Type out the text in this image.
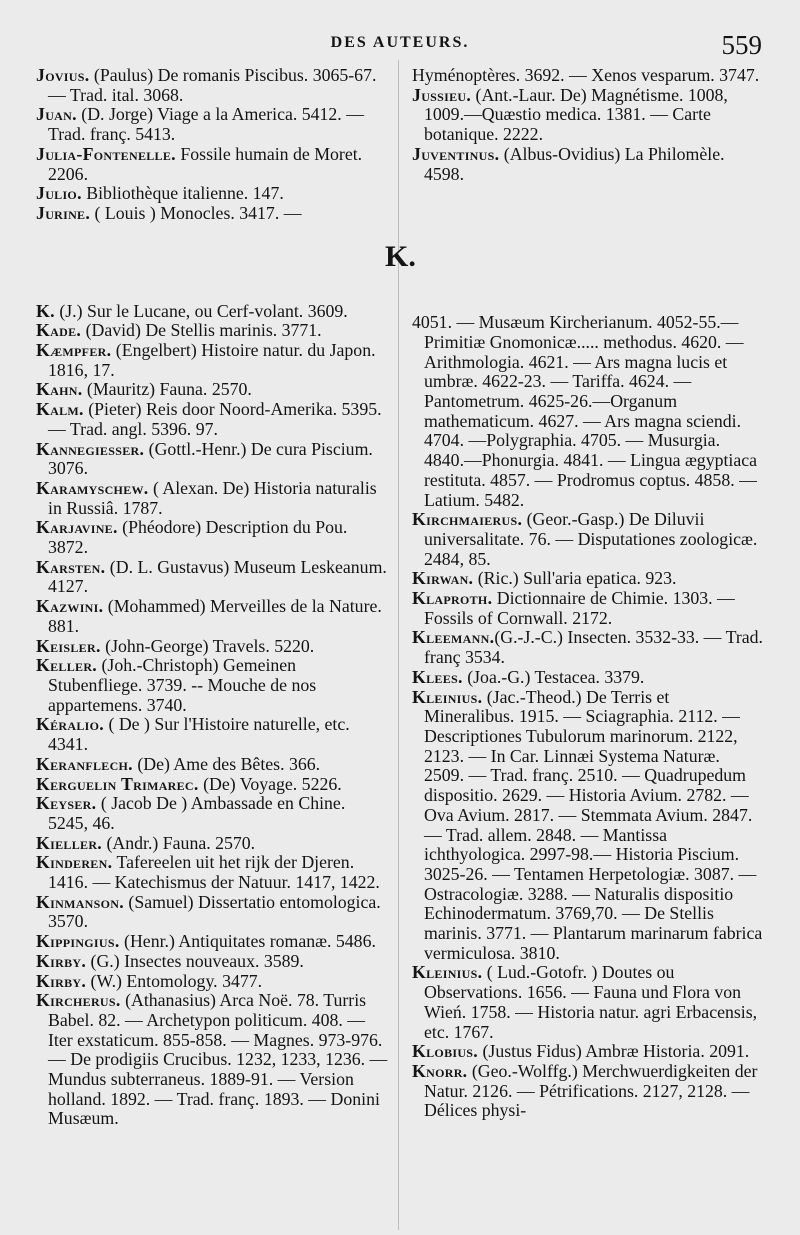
DES AUTEURS.	559
K.

Jovius. (Paulus) De romanis Piscibus. 3065-67. — Trad. ital. 3068.

Juan. (D. Jorge) Viage a la America. 5412. — Trad. franç. 5413.

Julia-Fontenelle. Fossile humain de Moret. 2206.

Julio. Bibliothèque italienne. 147.

Jurine. ( Louis ) Monocles. 3417. —

K. (J.) Sur le Lucane, ou Cerf-volant. 3609.

Kade. (David) De Stellis marinis. 3771.

Kæmpfer. (Engelbert) Histoire natur. du Japon. 1816, 17.

Kahn. (Mauritz) Fauna. 2570.

Kalm. (Pieter) Reis door Noord-Amerika. 5395. — Trad. angl. 5396. 97.

Kannegiesser. (Gottl.-Henr.) De cura Piscium. 3076.

Karamyschew. ( Alexan. De) Historia naturalis in Russiâ. 1787.

Karjavine. (Phéodore) Description du Pou. 3872.

Karsten. (D. L. Gustavus) Museum Leskeanum. 4127.

Kazwini. (Mohammed) Merveilles de la Nature. 881.

Keisler. (John-George) Travels. 5220.

Keller. (Joh.-Christoph) Gemeinen Stubenfliege. 3739. -- Mouche de nos appartemens. 3740.

Kéralio. ( De ) Sur l'Histoire naturelle, etc. 4341.

Keranflech. (De) Ame des Bêtes. 366.

Kerguelin Trimarec. (De) Voyage. 5226.

Keyser. ( Jacob De ) Ambassade en Chine. 5245, 46.

Kieller. (Andr.) Fauna. 2570.

Kinderen. Tafereelen uit het rijk der Djeren. 1416. — Katechismus der Natuur. 1417, 1422.

Kinmanson. (Samuel) Dissertatio entomologica. 3570.

Kippingius. (Henr.) Antiquitates romanæ. 5486.

Kirby. (G.) Insectes nouveaux. 3589.

Kirby. (W.) Entomology. 3477.

Kircherus. (Athanasius) Arca Noë. 78. Turris Babel. 82. — Archetypon politicum. 408. — Iter exstaticum. 855-858. — Magnes. 973-976. — De prodigiis Crucibus. 1232, 1233, 1236. — Mundus subterraneus. 1889-91. — Version holland. 1892. — Trad. franç. 1893. — Donini Musæum.

Hyménoptères. 3692. — Xenos vesparum. 3747.

Jussieu. (Ant.-Laur. De) Magnétisme. 1008, 1009.—Quæstio medica. 1381. — Carte botanique. 2222.

Juventinus. (Albus-Ovidius) La Philomèle. 4598.

4051. — Musæum Kircherianum. 4052-55.— Primitiæ Gnomonicæ..... methodus. 4620. — Arithmologia. 4621. — Ars magna lucis et umbræ. 4622-23. — Tariffa. 4624. — Pantometrum. 4625-26.—Organum mathematicum. 4627. — Ars magna sciendi. 4704. —Polygraphia. 4705. — Musurgia. 4840.—Phonurgia. 4841. — Lingua ægyptiaca restituta. 4857. — Prodromus coptus. 4858. — Latium. 5482.

Kirchmaierus. (Geor.-Gasp.) De Diluvii universalitate. 76. — Disputationes zoologicæ. 2484, 85.

Kirwan. (Ric.) Sull'aria epatica. 923.

Klaproth. Dictionnaire de Chimie. 1303. — Fossils of Cornwall. 2172.

Kleemann.(G.-J.-C.) Insecten. 3532-33. — Trad. franç 3534.

Klees. (Joa.-G.) Testacea. 3379.

Kleinius. (Jac.-Theod.) De Terris et Mineralibus. 1915. — Sciagraphia. 2112. — Descriptiones Tubulorum marinorum. 2122, 2123. — In Car. Linnæi Systema Naturæ. 2509. — Trad. franç. 2510. — Quadrupedum dispositio. 2629. — Historia Avium. 2782. — Ova Avium. 2817. — Stemmata Avium. 2847. — Trad. allem. 2848. — Mantissa ichthyologica. 2997-98.— Historia Piscium. 3025-26. — Tentamen Herpetologiæ. 3087. — Ostracologiæ. 3288. — Naturalis dispositio Echinodermatum. 3769,70. — De Stellis marinis. 3771. — Plantarum marinarum fabrica vermiculosa. 3810.

Kleinius. ( Lud.-Gotofr. ) Doutes ou Observations. 1656. — Fauna und Flora von Wień. 1758. — Historia natur. agri Erbacensis, etc. 1767.

Klobius. (Justus Fidus) Ambræ Historia. 2091.

Knorr. (Geo.-Wolffg.) Merchwuerdigkeiten der Natur. 2126. — Pétrifications. 2127, 2128. — Délices physi-
